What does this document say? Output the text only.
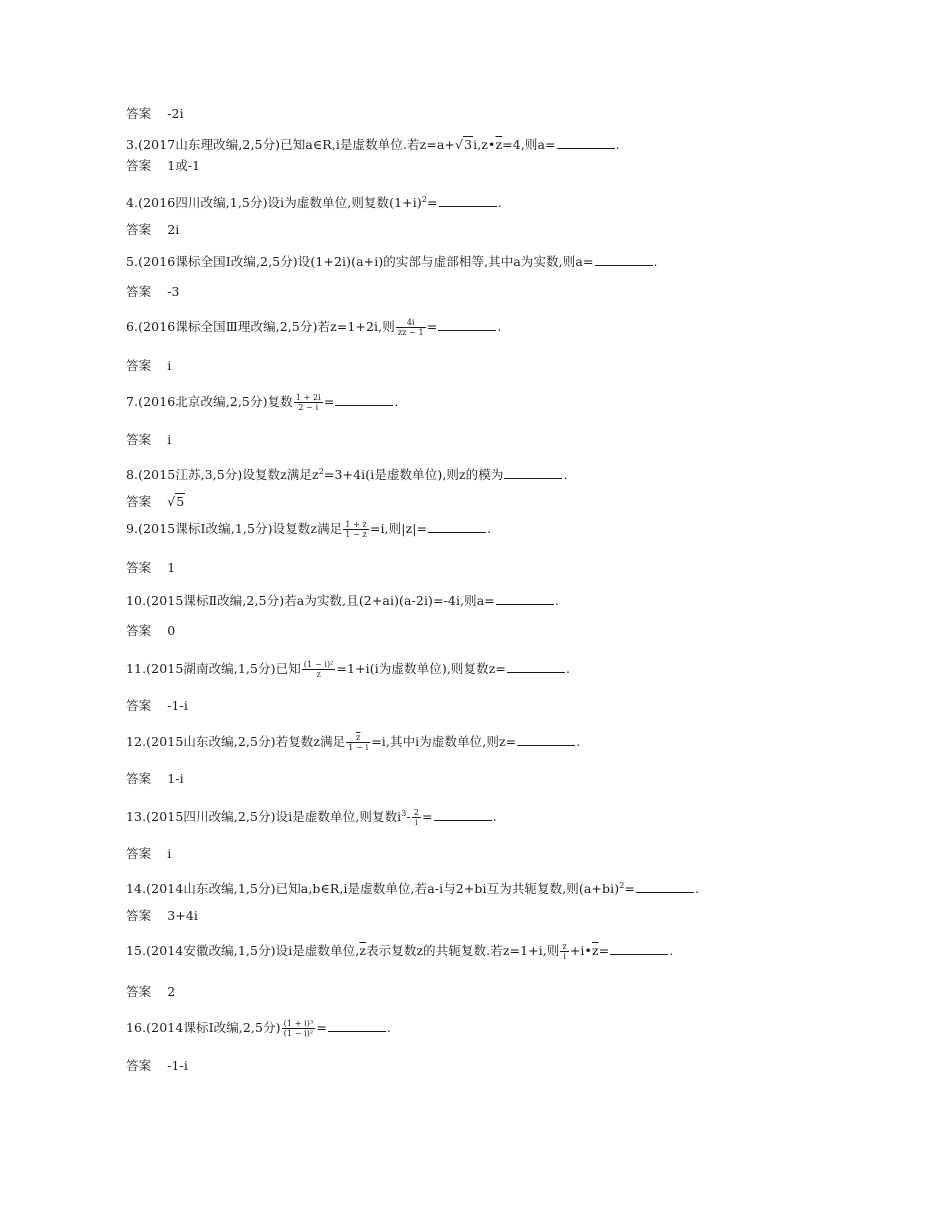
答案 -2i
3.(2017山东理改编,2,5分)已知a∈R,i是虚数单位.若$z=a+√3i,z•\overline{z}=4$,则a=	.
答案 1或-1
4.(2016四川改编,1,5分)设i为虚数单位,则复数$(1+i)^2=$	.
答案 2i
5.(2016课标全国Ⅰ改编,2,5分)设(1+2i)(a+i)的实部与虚部相等,其中a为实数,则a=	.
答案 -3
6.(2016课标全国Ⅲ理改编,2,5分)若z=1+2i,则 $\frac{4i}{zz - 1}$ =	.
答案 i
7.(2016北京改编,2,5分)复数 $\frac{1 + 2i}{2 - i}$ =	.
答案 i
8.(2015江苏,3,5分)设复数z满足$z^2=3+4i(i$是虚数单位),则z的模为	.
答案 √5
9.(2015课标Ⅰ改编,1,5分)设复数z满足 $\frac{1 + z}{1 - z} =i$,则|z|=	.
答案 1
10.(2015课标Ⅱ改编,2,5分)若a为实数,且(2+ai)(a-2i)=-4i,则a=	.
答案 0
11.(2015湖南改编,1,5分)已知 $\frac{\text{(1 − i)²}}{z} =1+i(i$为虚数单位),则复数z=	.
答案 -1-i
12.(2015山东改编,2,5分)若复数z满足 $\frac{\overline{z}}{1 - i} =i$,其中i为虚数单位,则z=	.
答案 1-i
13.(2015四川改编,2,5分)设i是虚数单位,则复数$i^3- \frac{2}{i}$ =	.
答案 i
14.(2014山东改编,1,5分)已知a,b∈R,i是虚数单位,若a-i与2+bi互为共轭复数,则$(a+bi)^2=$	.
答案 3+4i
15.(2014安徽改编,1,5分)设i是虚数单位$,\overline{z}$表示复数z的共轭复数.若z=1+i,则 $\frac{z}{i}$ $+i•\overline{z}=$	.
答案 2
16.(2014课标Ⅰ改编,2,5分) $\frac{\text{(1 + i)³}}{\text{(1 − i)²}}$ =	.
答案 -1-i
